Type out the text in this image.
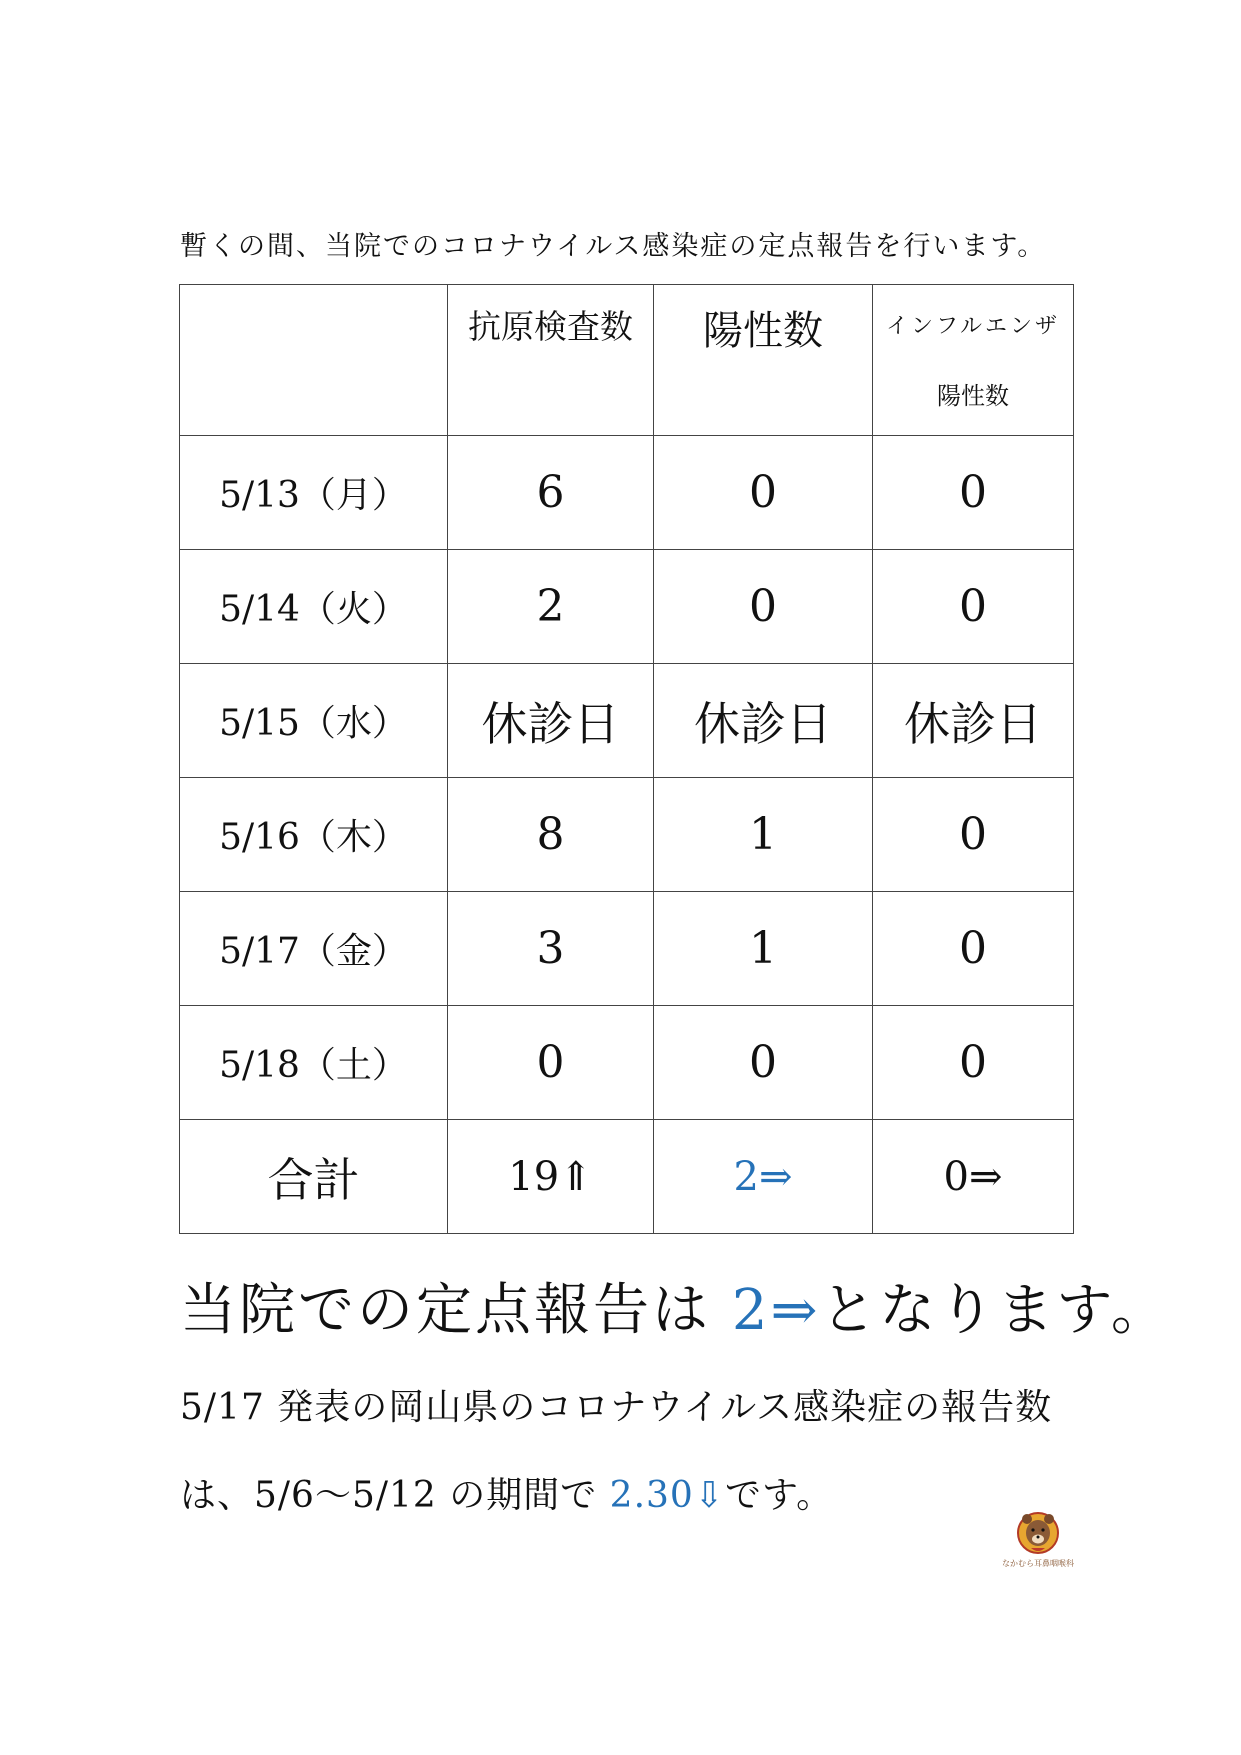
暫くの間、当院でのコロナウイルス感染症の定点報告を行います。

	抗原検査数	陽性数	インフルエンザ
陽性数

5/13（月）	6	0	0
5/14（火）	2	0	0
5/15（水）	休診日	休診日	休診日
5/16（木）	8	1	0
5/17（金）	3	1	0
5/18（土）	0	0	0
合計	19⇑	2⇒	0⇒
当院での定点報告は 2⇒となります。
5/17 発表の岡山県のコロナウイルス感染症の報告数
は、5/6〜5/12 の期間で 2.30⇩です。
なかむら耳鼻咽喉科
